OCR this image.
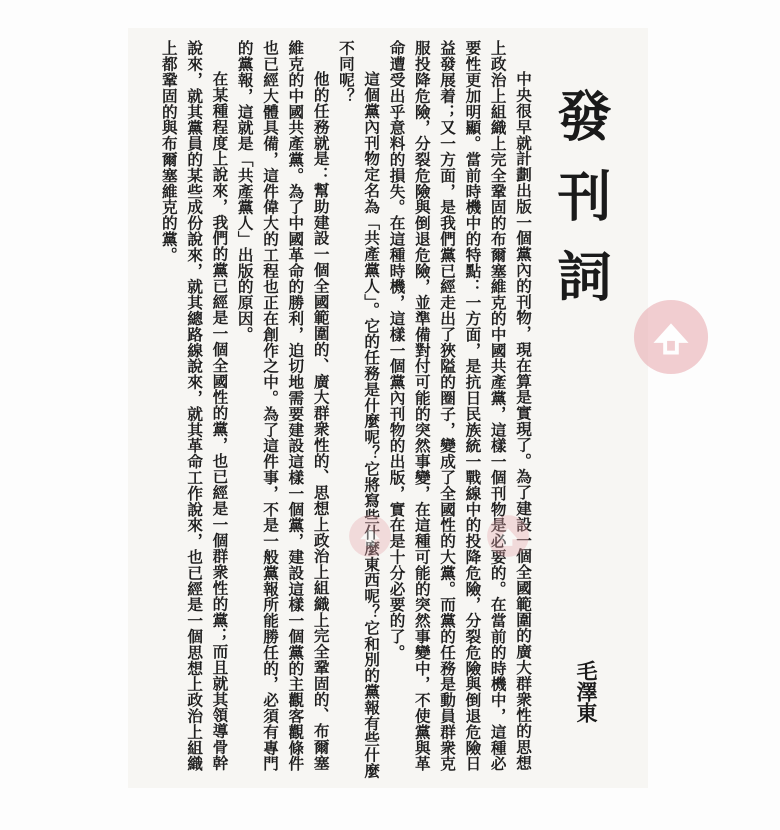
發刊詞
毛澤東

中央很早就計劃出版一個黨內的刊物，現在算是實現了。為了建設一個全國範圍的廣大群衆性的思想上政治上組織上完全鞏固的布爾塞維克的中國共產黨，這樣一個刊物是必要的。在當前的時機中，這種必要性更加明顯。當前時機中的特點：一方面，是抗日民族統一戰線中的投降危險，分裂危險與倒退危險日益發展着；又一方面，是我們黨已經走出了狹隘的圈子，變成了全國性的大黨。而黨的任務是動員群衆克服投降危險，分裂危險與倒退危險，並準備對付可能的突然事變，在這種可能的突然事變中，不使黨與革命遭受出乎意料的損失。在這種時機，這樣一個黨內刊物的出版，實在是十分必要的了。

這個黨內刊物定名為「共產黨人」。它的任務是什麼呢？它將寫些什麼東西呢？它和別的黨報有些什麼不同呢？

他的任務就是：幫助建設一個全國範圍的、廣大群衆性的、思想上政治上組織上完全鞏固的、布爾塞維克的中國共產黨。為了中國革命的勝利，迫切地需要建設這樣一個黨，建設這樣一個黨的主觀客觀條件也已經大體具備，這件偉大的工程也正在創作之中。為了這件事，不是一般黨報所能勝任的，必須有專門的黨報，這就是「共產黨人」出版的原因。

在某種程度上說來，我們的黨已經是一個全國性的黨，也已經是一個群衆性的黨；而且就其領導骨幹說來，就其黨員的某些成份說來，就其總路線說來，就其革命工作說來，也已經是一個思想上政治上組織上都鞏固的與布爾塞維克的黨。
